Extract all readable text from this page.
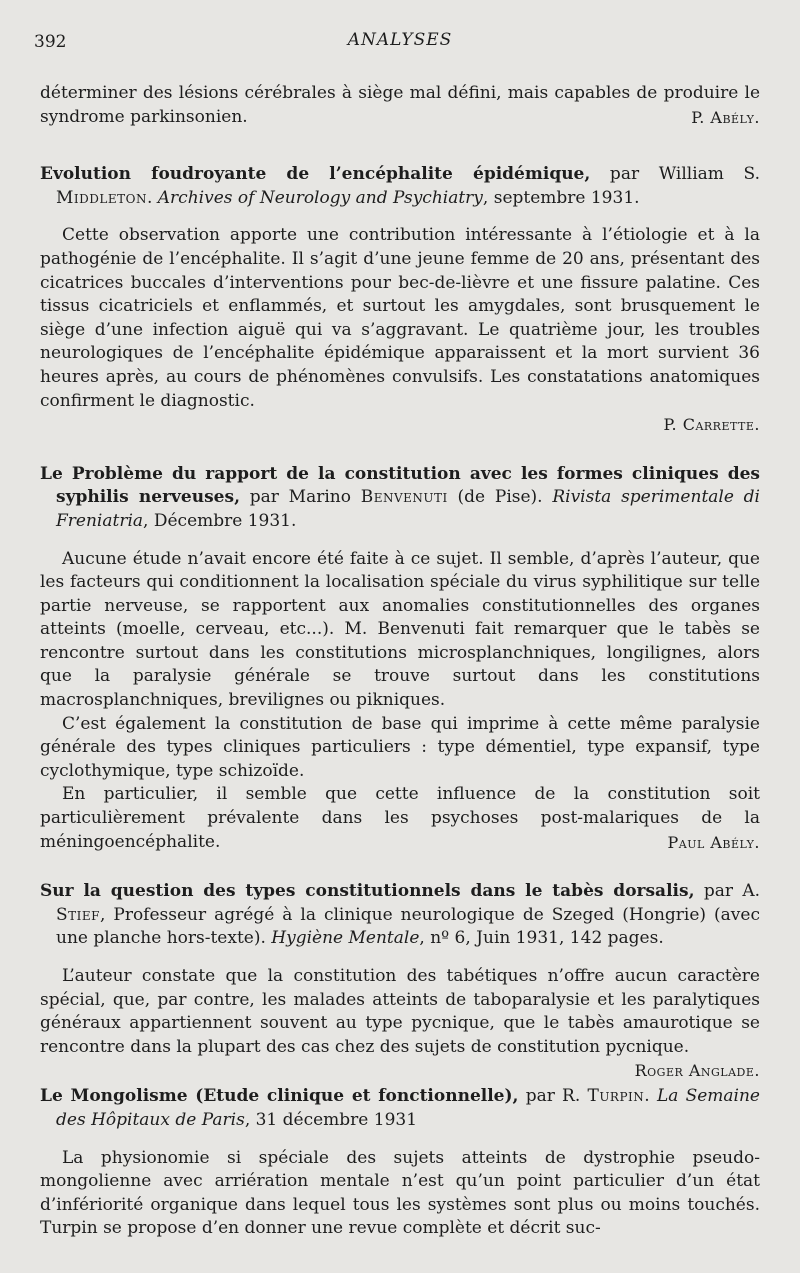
392	ANALYSES

déterminer des lésions cérébrales à siège mal défini, mais capables de produire le syndrome parkinsonien.	P. Abély.

Evolution foudroyante de l’encéphalite épidémique, par William S. Middleton. Archives of Neurology and Psychiatry, septembre 1931.

Cette observation apporte une contribution intéressante à l’étiologie et à la pathogénie de l’encéphalite. Il s’agit d’une jeune femme de 20 ans, présentant des cicatrices buccales d’interventions pour bec-de-lièvre et une fissure palatine. Ces tissus cicatriciels et enflammés, et surtout les amygdales, sont brusquement le siège d’une infection aiguë qui va s’aggravant. Le quatrième jour, les troubles neurologiques de l’encéphalite épidémique apparaissent et la mort survient 36 heures après, au cours de phénomènes convulsifs. Les constatations anatomiques confirment le diagnostic.

P. Carrette.

Le Problème du rapport de la constitution avec les formes cliniques des syphilis nerveuses, par Marino Benvenuti (de Pise). Rivista sperimentale di Freniatria, Décembre 1931.

Aucune étude n’avait encore été faite à ce sujet. Il semble, d’après l’auteur, que les facteurs qui conditionnent la localisation spéciale du virus syphilitique sur telle partie nerveuse, se rapportent aux anomalies constitutionnelles des organes atteints (moelle, cerveau, etc...). M. Benvenuti fait remarquer que le tabès se rencontre surtout dans les constitutions microsplanchniques, longilignes, alors que la paralysie générale se trouve surtout dans les constitutions macrosplanchniques, brevilignes ou pikniques.

C’est également la constitution de base qui imprime à cette même paralysie générale des types cliniques particuliers : type démentiel, type expansif, type cyclothymique, type schizoïde.

En particulier, il semble que cette influence de la constitution soit particulièrement prévalente dans les psychoses post-malariques de la méningoencéphalite.	Paul Abély.

Sur la question des types constitutionnels dans le tabès dorsalis, par A. Stief, Professeur agrégé à la clinique neurologique de Szeged (Hongrie) (avec une planche hors-texte). Hygiène Mentale, nº 6, Juin 1931, 142 pages.

L’auteur constate que la constitution des tabétiques n’offre aucun caractère spécial, que, par contre, les malades atteints de taboparalysie et les paralytiques généraux appartiennent souvent au type pycnique, que le tabès amaurotique se rencontre dans la plupart des cas chez des sujets de constitution pycnique.
Roger Anglade.

Le Mongolisme (Etude clinique et fonctionnelle), par R. Turpin. La Semaine des Hôpitaux de Paris, 31 décembre 1931

La physionomie si spéciale des sujets atteints de dystrophie pseudo-mongolienne avec arriération mentale n’est qu’un point particulier d’un état d’infériorité organique dans lequel tous les systèmes sont plus ou moins touchés. Turpin se propose d’en donner une revue complète et décrit suc-
